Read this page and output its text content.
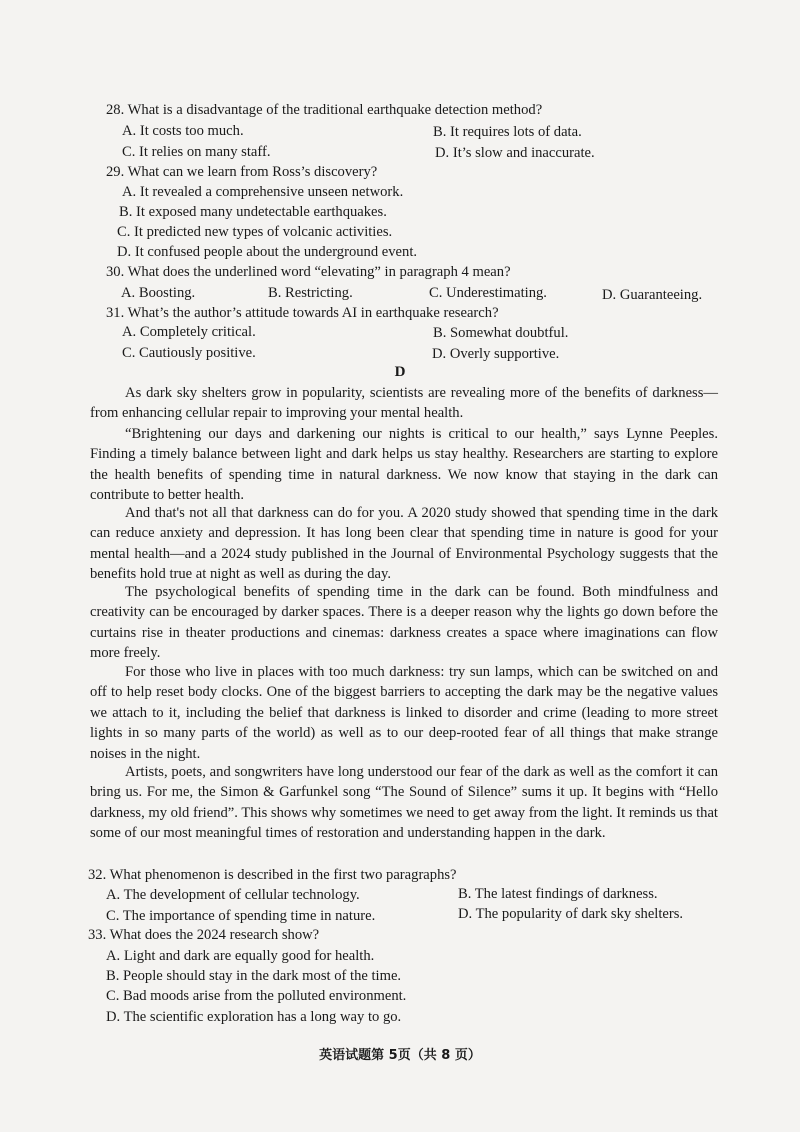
28. What is a disadvantage of the traditional earthquake detection method?
A. It costs too much.	B. It requires lots of data.
C. It relies on many staff.	D. It’s slow and inaccurate.
29. What can we learn from Ross’s discovery?
A. It revealed a comprehensive unseen network.
B. It exposed many undetectable earthquakes.
C. It predicted new types of volcanic activities.
D. It confused people about the underground event.
30. What does the underlined word “elevating” in paragraph 4 mean?
A. Boosting.	B. Restricting.	C. Underestimating.	D. Guaranteeing.
31. What’s the author’s attitude towards AI in earthquake research?
A. Completely critical.	B. Somewhat doubtful.
C. Cautiously positive.	D. Overly supportive.
D

As dark sky shelters grow in popularity, scientists are revealing more of the benefits of darkness—from enhancing cellular repair to improving your mental health.

“Brightening our days and darkening our nights is critical to our health,” says Lynne Peeples. Finding a timely balance between light and dark helps us stay healthy. Researchers are starting to explore the health benefits of spending time in natural darkness. We now know that staying in the dark can contribute to better health.

And that's not all that darkness can do for you. A 2020 study showed that spending time in the dark can reduce anxiety and depression. It has long been clear that spending time in nature is good for your mental health—and a 2024 study published in the Journal of Environmental Psychology suggests that the benefits hold true at night as well as during the day.

The psychological benefits of spending time in the dark can be found. Both mindfulness and creativity can be encouraged by darker spaces. There is a deeper reason why the lights go down before the curtains rise in theater productions and cinemas: darkness creates a space where imaginations can flow more freely.

For those who live in places with too much darkness: try sun lamps, which can be switched on and off to help reset body clocks. One of the biggest barriers to accepting the dark may be the negative values we attach to it, including the belief that darkness is linked to disorder and crime (leading to more street lights in so many parts of the world) as well as to our deep-rooted fear of all things that make strange noises in the night.

Artists, poets, and songwriters have long understood our fear of the dark as well as the comfort it can bring us. For me, the Simon & Garfunkel song “The Sound of Silence” sums it up. It begins with “Hello darkness, my old friend”. This shows why sometimes we need to get away from the light. It reminds us that some of our most meaningful times of restoration and understanding happen in the dark.

32. What phenomenon is described in the first two paragraphs?
A. The development of cellular technology.	B. The latest findings of darkness.
C. The importance of spending time in nature.	D. The popularity of dark sky shelters.
33. What does the 2024 research show?
A. Light and dark are equally good for health.
B. People should stay in the dark most of the time.
C. Bad moods arise from the polluted environment.
D. The scientific exploration has a long way to go.
英语试题第 5页（共 8 页）
